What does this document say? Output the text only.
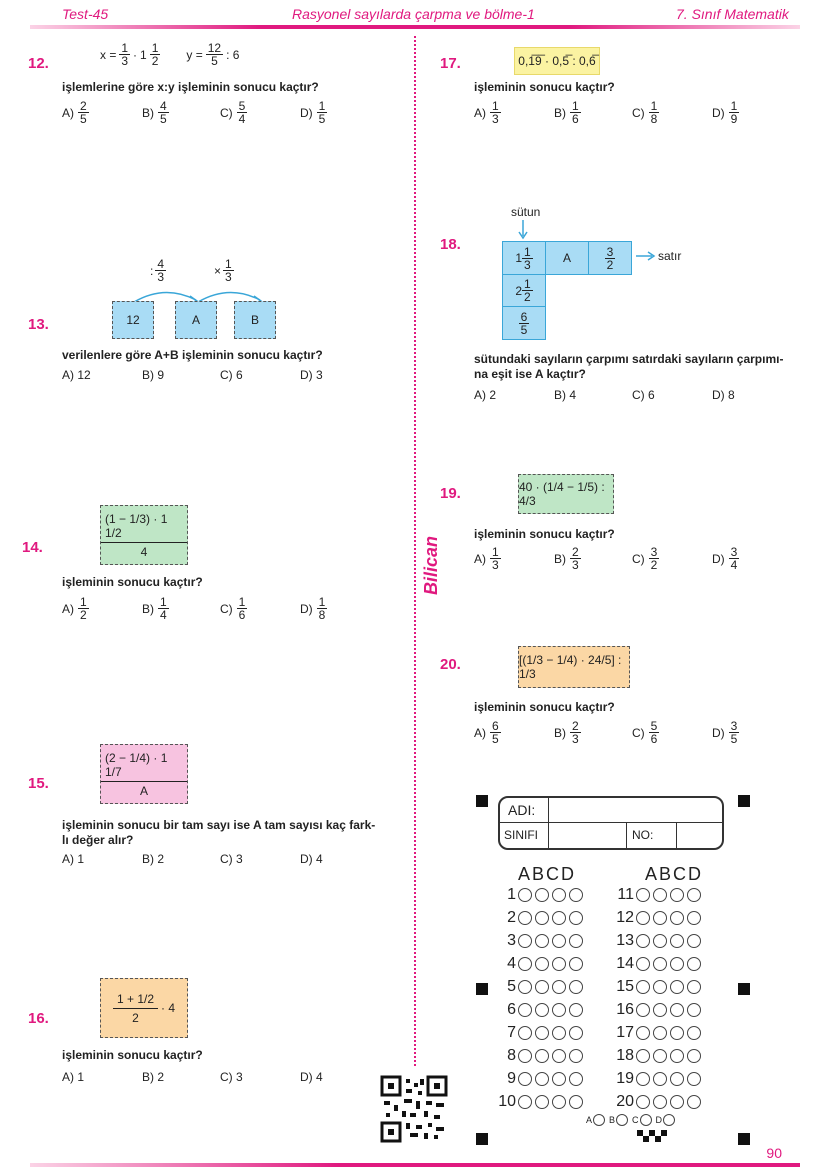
Test-45	Rasyonel sayılarda çarpma ve bölme-1	7. Sınıf Matematik
Bilican
12.
$x = \frac{1}{3} \cdot 1 \frac{1}{2}$ $y = \frac{12}{5}$ : 6
işlemlerine göre x:y işleminin sonucu kaçtır?
$A) \frac{2}{5}$	$B) \frac{4}{5}$	$C) \frac{5}{4}$	$D) \frac{1}{5}$
13.
: $\frac{4}{3}$	× $\frac{1}{3}$
12	A	B
verilenlere göre A+B işleminin sonucu kaçtır?
A) 12	B) 9	C) 6	D) 3
14.	$\frac{(1 - 1/3) \cdot 1 1/2}{4}$
işleminin sonucu kaçtır?
$A) \frac{1}{2}$	$B) \frac{1}{4}$	$C) \frac{1}{6}$	$D) \frac{1}{8}$
15.	$\frac{(2 - 1/4) \cdot 1 1/7}{A}$
işleminin sonucu bir tam sayı ise A tam sayısı kaç fark-
lı değer alır?
A) 1	B) 2	C) 3	D) 4
16.	$\frac{1 + 1/2}{2} \cdot 4$
işleminin sonucu kaçtır?
A) 1	B) 2	C) 3	D) 4
17.	0,1̅9̅ · 0,5̅ : 0,6̅
işleminin sonucu kaçtır?
$A) \frac{1}{3}$	$B) \frac{1}{6}$	$C) \frac{1}{8}$	$D) \frac{1}{9}$
18.
sütun
$1 \frac{1}{3}$	A	$\frac{3}{2}$	satır
$2 \frac{1}{2}$
$\frac{6}{5}$
sütundaki sayıların çarpımı satırdaki sayıların çarpımı-
na eşit ise A kaçtır?
A) 2	B) 4	C) 6	D) 8
19.	40 · (1/4 − 1/5) : 4/3
işleminin sonucu kaçtır?
$A) \frac{1}{3}$	$B) \frac{2}{3}$	$C) \frac{3}{2}$	$D) \frac{3}{4}$
20.	[(1/3 − 1/4) · 24/5] : 1/3
işleminin sonucu kaçtır?
$A) \frac{6}{5}$	$B) \frac{2}{3}$	$C) \frac{5}{6}$	$D) \frac{3}{5}$
ADI:
SINIFI	NO:
ABCD	ABCD
1
2
3
4
5
6
7
8
9
10
11
12
13
14
15
16
17
18
19
20
A B C D
90
